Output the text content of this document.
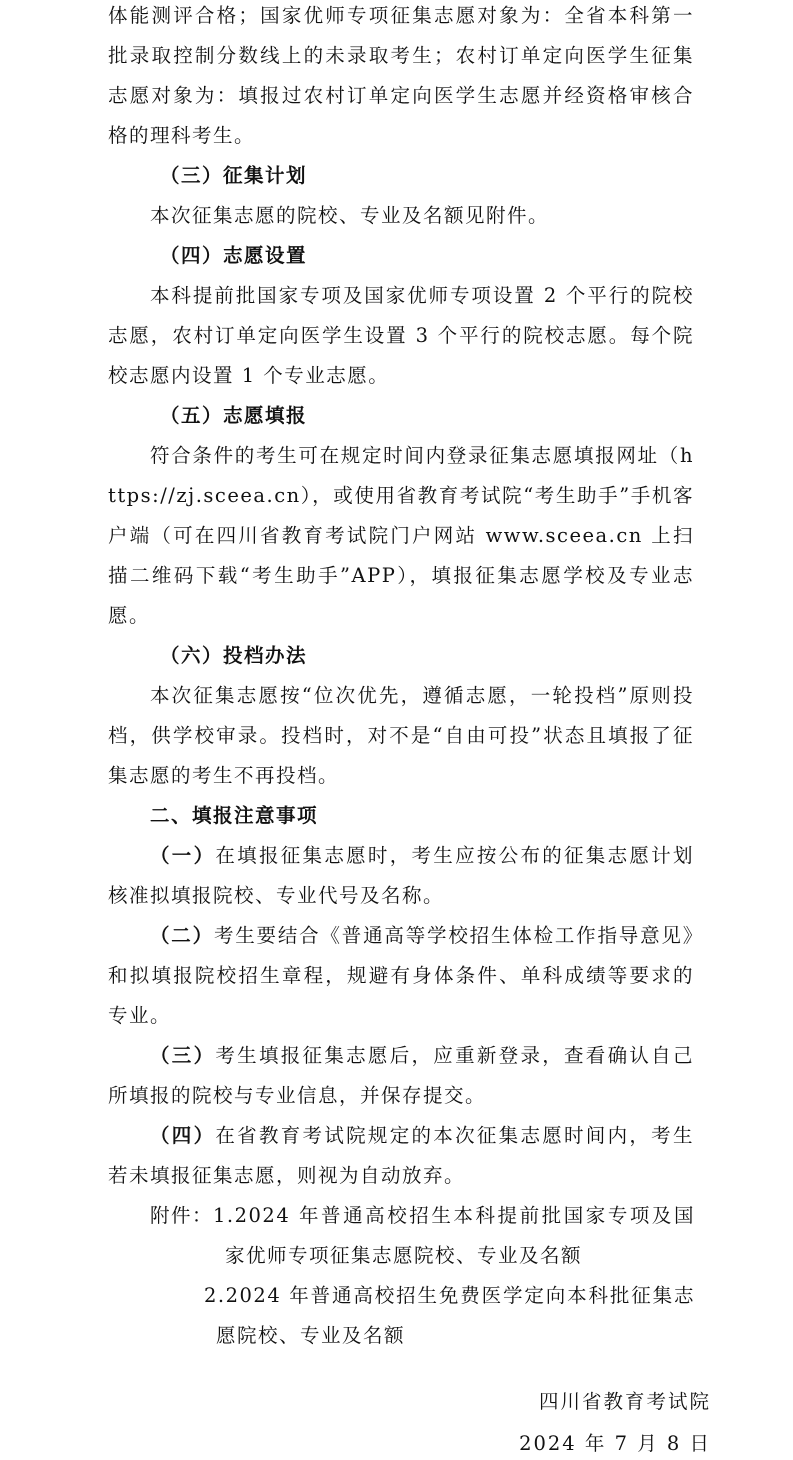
体能测评合格；国家优师专项征集志愿对象为：全省本科第一批录取控制分数线上的未录取考生；农村订单定向医学生征集志愿对象为：填报过农村订单定向医学生志愿并经资格审核合格的理科考生。

（三）征集计划

本次征集志愿的院校、专业及名额见附件。

（四）志愿设置

本科提前批国家专项及国家优师专项设置 2 个平行的院校志愿，农村订单定向医学生设置 3 个平行的院校志愿。每个院校志愿内设置 1 个专业志愿。

（五）志愿填报

符合条件的考生可在规定时间内登录征集志愿填报网址（https://zj.sceea.cn），或使用省教育考试院“考生助手”手机客户端（可在四川省教育考试院门户网站 www.sceea.cn 上扫描二维码下载“考生助手”APP），填报征集志愿学校及专业志愿。

（六）投档办法

本次征集志愿按“位次优先，遵循志愿，一轮投档”原则投档，供学校审录。投档时，对不是“自由可投”状态且填报了征集志愿的考生不再投档。

二、填报注意事项

（一）在填报征集志愿时，考生应按公布的征集志愿计划核准拟填报院校、专业代号及名称。

（二）考生要结合《普通高等学校招生体检工作指导意见》和拟填报院校招生章程，规避有身体条件、单科成绩等要求的专业。

（三）考生填报征集志愿后，应重新登录，查看确认自己所填报的院校与专业信息，并保存提交。

（四）在省教育考试院规定的本次征集志愿时间内，考生若未填报征集志愿，则视为自动放弃。

附件： 1.2024 年普通高校招生本科提前批国家专项及国家优师专项征集志愿院校、专业及名额
2.2024 年普通高校招生免费医学定向本科批征集志愿院校、专业及名额
四川省教育考试院
2024 年 7 月 8 日
